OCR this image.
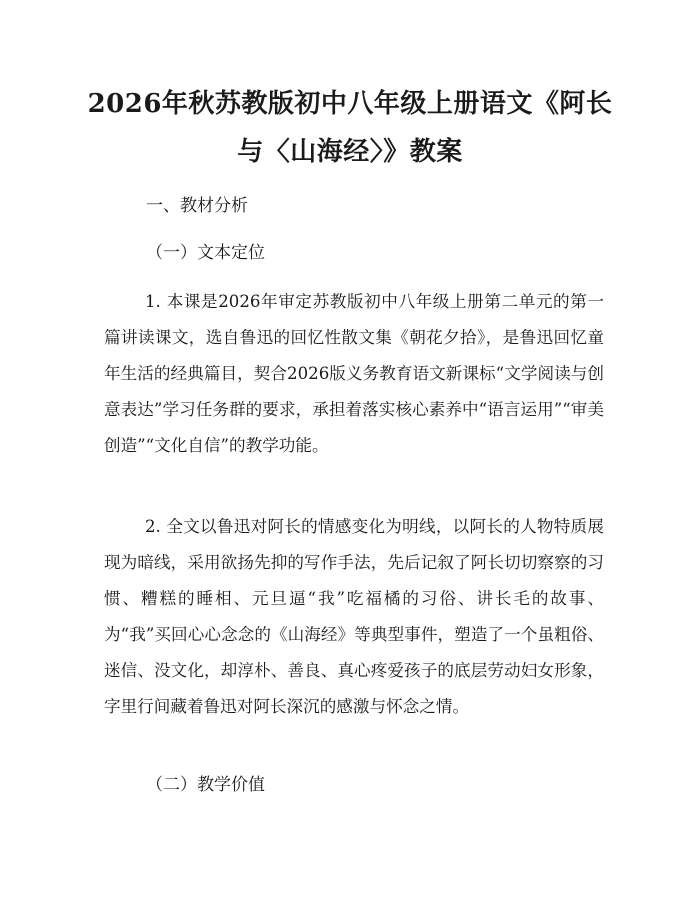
2026年秋苏教版初中八年级上册语文《阿长
与〈山海经〉》教案
一、教材分析
（一）文本定位

1. 本课是2026年审定苏教版初中八年级上册第二单元的第一篇讲读课文，选自鲁迅的回忆性散文集《朝花夕拾》，是鲁迅回忆童年生活的经典篇目，契合2026版义务教育语文新课标“文学阅读与创意表达”学习任务群的要求，承担着落实核心素养中“语言运用”“审美创造”“文化自信”的教学功能。

2. 全文以鲁迅对阿长的情感变化为明线，以阿长的人物特质展现为暗线，采用欲扬先抑的写作手法，先后记叙了阿长切切察察的习惯、糟糕的睡相、元旦逼“我”吃福橘的习俗、讲长毛的故事、为“我”买回心心念念的《山海经》等典型事件，塑造了一个虽粗俗、迷信、没文化，却淳朴、善良、真心疼爱孩子的底层劳动妇女形象，字里行间藏着鲁迅对阿长深沉的感激与怀念之情。

（二）教学价值
